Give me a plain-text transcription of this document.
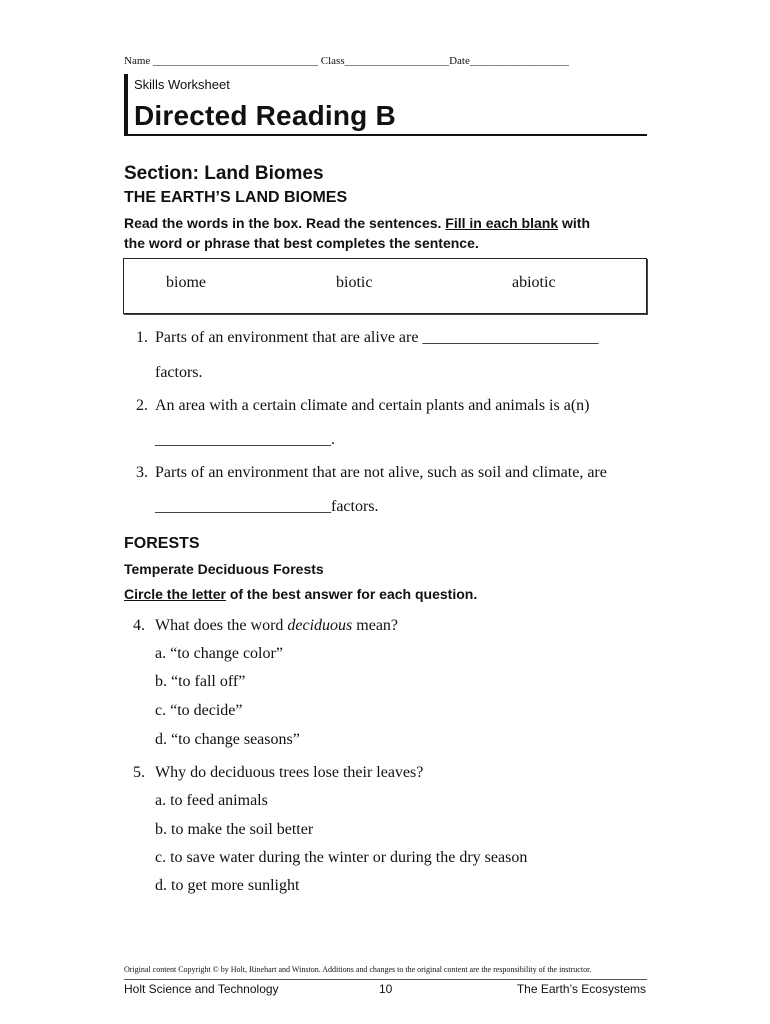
Name ______________________________ Class___________________Date__________________
Skills Worksheet
Directed Reading B
Section: Land Biomes
THE EARTH’S LAND BIOMES
Read the words in the box. Read the sentences. Fill in each blank with
the word or phrase that best completes the sentence.
biome	biotic	abiotic
1. Parts of an environment that are alive are ______________________
factors.
2. An area with a certain climate and certain plants and animals is a(n)
______________________.
3. Parts of an environment that are not alive, such as soil and climate, are
______________________factors.
FORESTS
Temperate Deciduous Forests
Circle the letter of the best answer for each question.
4. What does the word deciduous mean?
a. “to change color”
b. “to fall off”
c. “to decide”
d. “to change seasons”
5. Why do deciduous trees lose their leaves?
a. to feed animals
b. to make the soil better
c. to save water during the winter or during the dry season
d. to get more sunlight
Original content Copyright © by Holt, Rinehart and Winston. Additions and changes to the original content are the responsibility of the instructor.
Holt Science and Technology	10	The Earth’s Ecosystems
